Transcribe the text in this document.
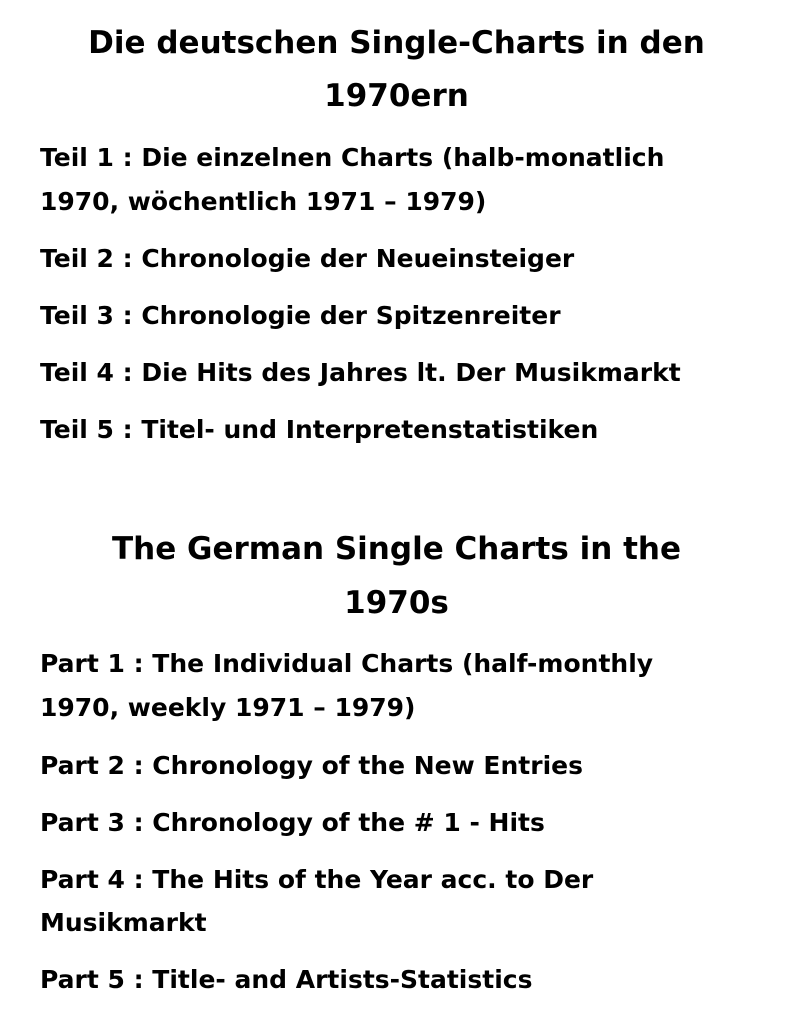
Die deutschen Single-Charts in den
1970ern
Teil 1 : Die einzelnen Charts (halb-monatlich
1970, wöchentlich 1971 – 1979)
Teil 2 : Chronologie der Neueinsteiger
Teil 3 : Chronologie der Spitzenreiter
Teil 4 : Die Hits des Jahres lt. Der Musikmarkt
Teil 5 : Titel- und Interpretenstatistiken
The German Single Charts in the
1970s
Part 1 : The Individual Charts (half-monthly
1970, weekly 1971 – 1979)
Part 2 : Chronology of the New Entries
Part 3 : Chronology of the # 1 - Hits
Part 4 : The Hits of the Year acc. to Der
Musikmarkt
Part 5 : Title- and Artists-Statistics
